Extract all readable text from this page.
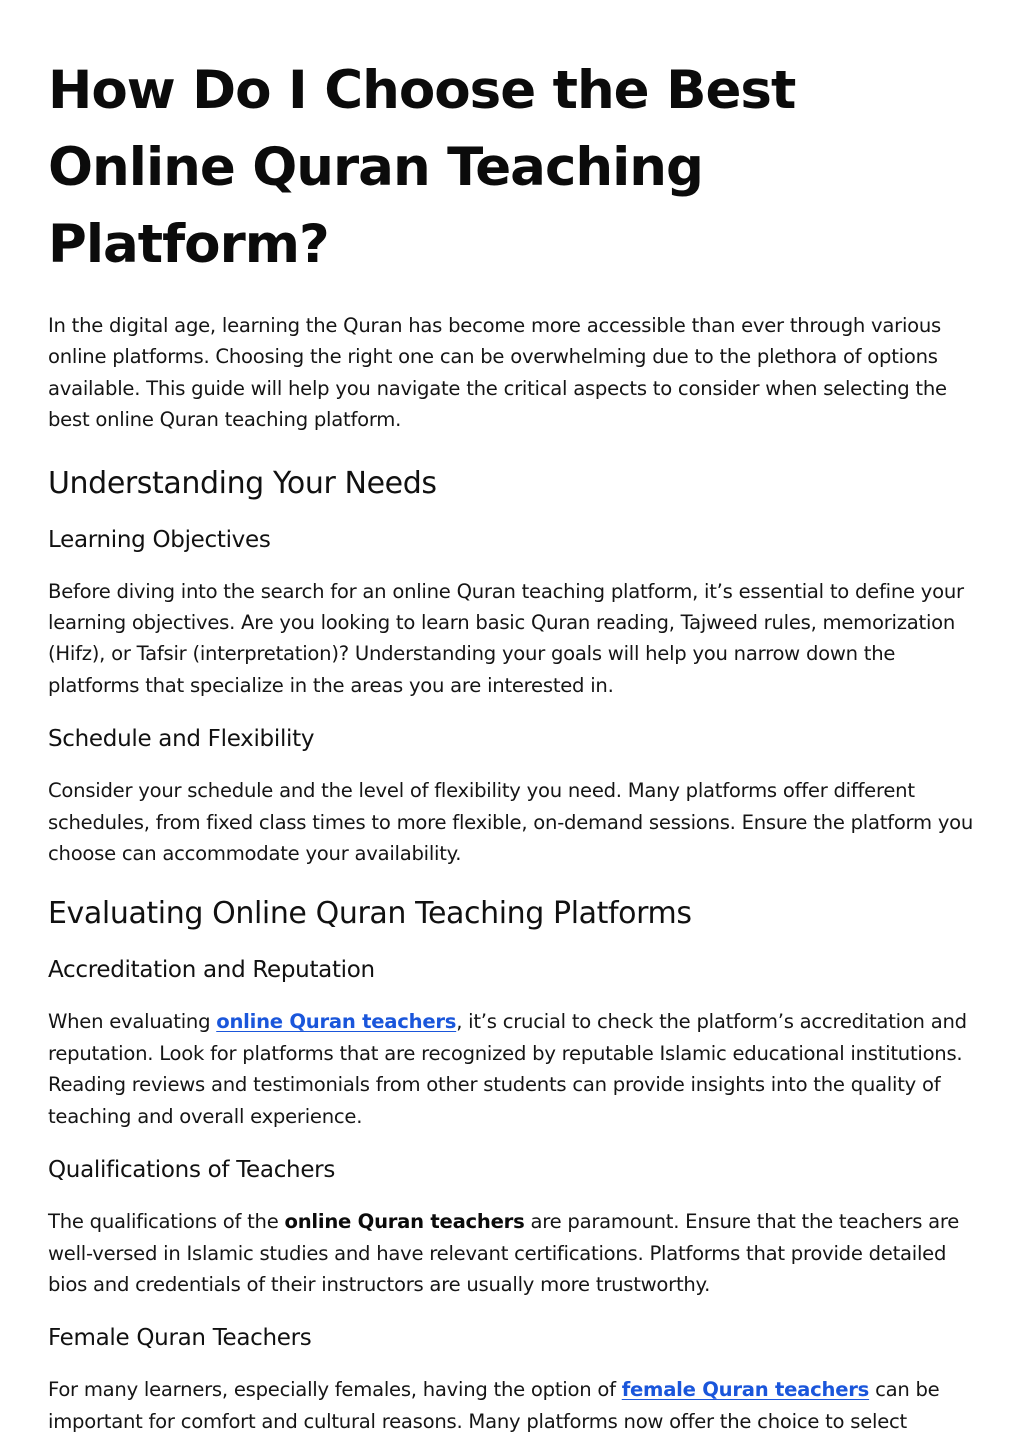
How Do I Choose the Best Online Quran Teaching Platform?

In the digital age, learning the Quran has become more accessible than ever through various online platforms. Choosing the right one can be overwhelming due to the plethora of options available. This guide will help you navigate the critical aspects to consider when selecting the best online Quran teaching platform.

Understanding Your Needs
Learning Objectives

Before diving into the search for an online Quran teaching platform, it’s essential to define your learning objectives. Are you looking to learn basic Quran reading, Tajweed rules, memorization (Hifz), or Tafsir (interpretation)? Understanding your goals will help you narrow down the platforms that specialize in the areas you are interested in.

Schedule and Flexibility

Consider your schedule and the level of flexibility you need. Many platforms offer different schedules, from fixed class times to more flexible, on-demand sessions. Ensure the platform you choose can accommodate your availability.

Evaluating Online Quran Teaching Platforms
Accreditation and Reputation

When evaluating online Quran teachers, it’s crucial to check the platform’s accreditation and reputation. Look for platforms that are recognized by reputable Islamic educational institutions. Reading reviews and testimonials from other students can provide insights into the quality of teaching and overall experience.

Qualifications of Teachers

The qualifications of the online Quran teachers are paramount. Ensure that the teachers are well-versed in Islamic studies and have relevant certifications. Platforms that provide detailed bios and credentials of their instructors are usually more trustworthy.

Female Quran Teachers

For many learners, especially females, having the option of female Quran teachers can be important for comfort and cultural reasons. Many platforms now offer the choice to select
